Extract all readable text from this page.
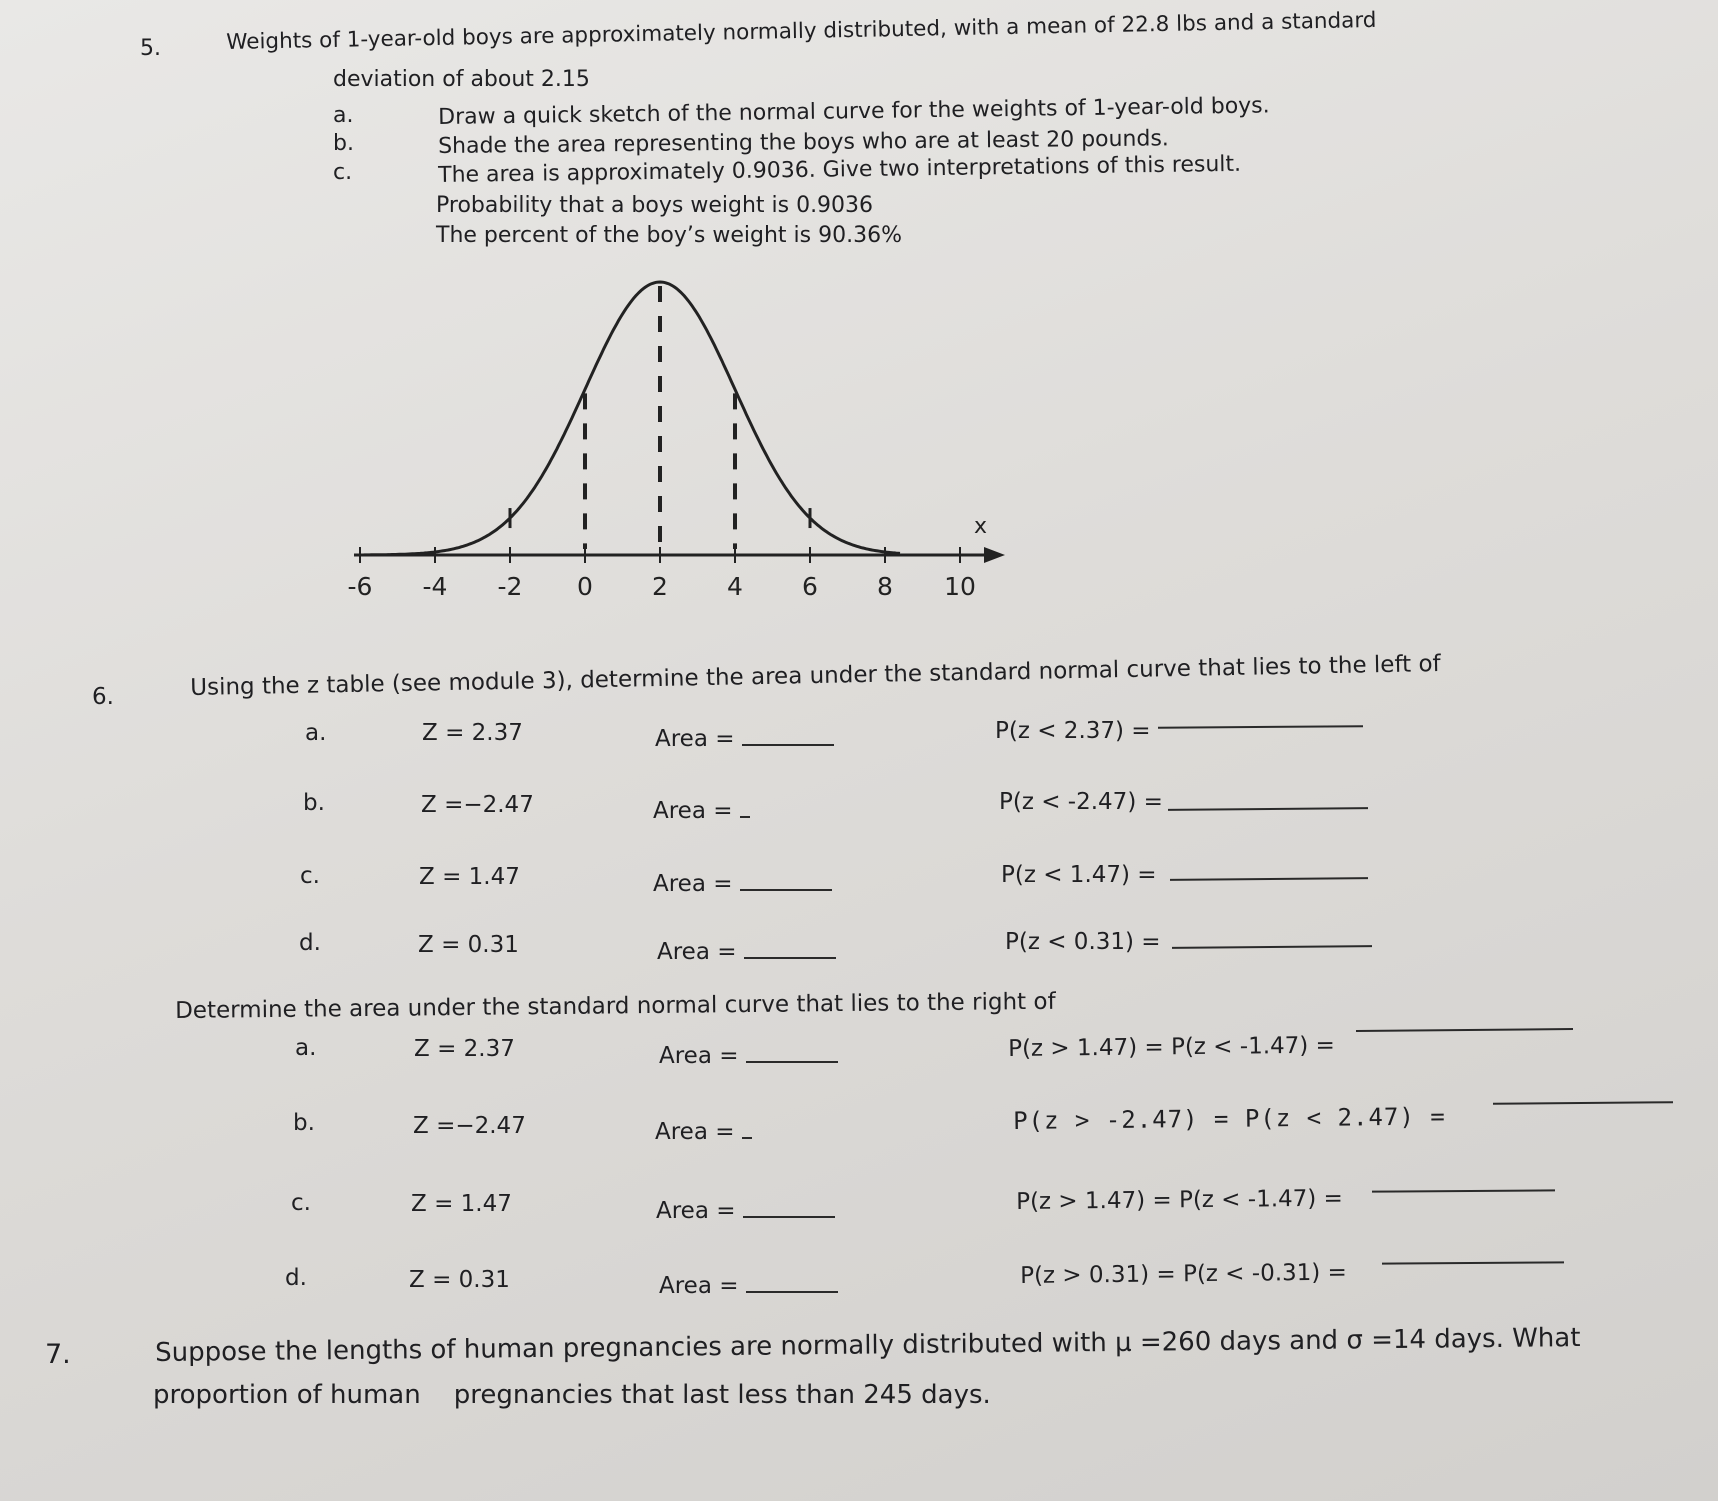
5.	Weights of 1-year-old boys are approximately normally distributed, with a mean of 22.8 lbs and a standard
deviation of about 2.15
a.	Draw a quick sketch of the normal curve for the weights of 1-year-old boys.
b.	Shade the area representing the boys who are at least 20 pounds.
c.	The area is approximately 0.9036. Give two interpretations of this result.
Probability that a boys weight is 0.9036
The percent of the boy’s weight is 90.36%
x
-6 -4 -2 0 2 4 6 8 10
6.	Using the z table (see module 3), determine the area under the standard normal curve that lies to the left of
a.	Z = 2.37	Area =	P(z < 2.37) =
b.	Z =−2.47	Area =	P(z < -2.47) =
c.	Z = 1.47	Area =	P(z < 1.47) =
d.	Z = 0.31	Area =	P(z < 0.31) =
Determine the area under the standard normal curve that lies to the right of
a.	Z = 2.37	Area =	P(z > 1.47) = P(z < -1.47) =
b.	Z =−2.47	Area =	P(z > -2.47) = P(z < 2.47) =
c.	Z = 1.47	Area =	P(z > 1.47) = P(z < -1.47) =
d.	Z = 0.31	Area =	P(z > 0.31) = P(z < -0.31) =
7.	Suppose the lengths of human pregnancies are normally distributed with μ =260 days and σ =14 days. What
proportion of human    pregnancies that last less than 245 days.
